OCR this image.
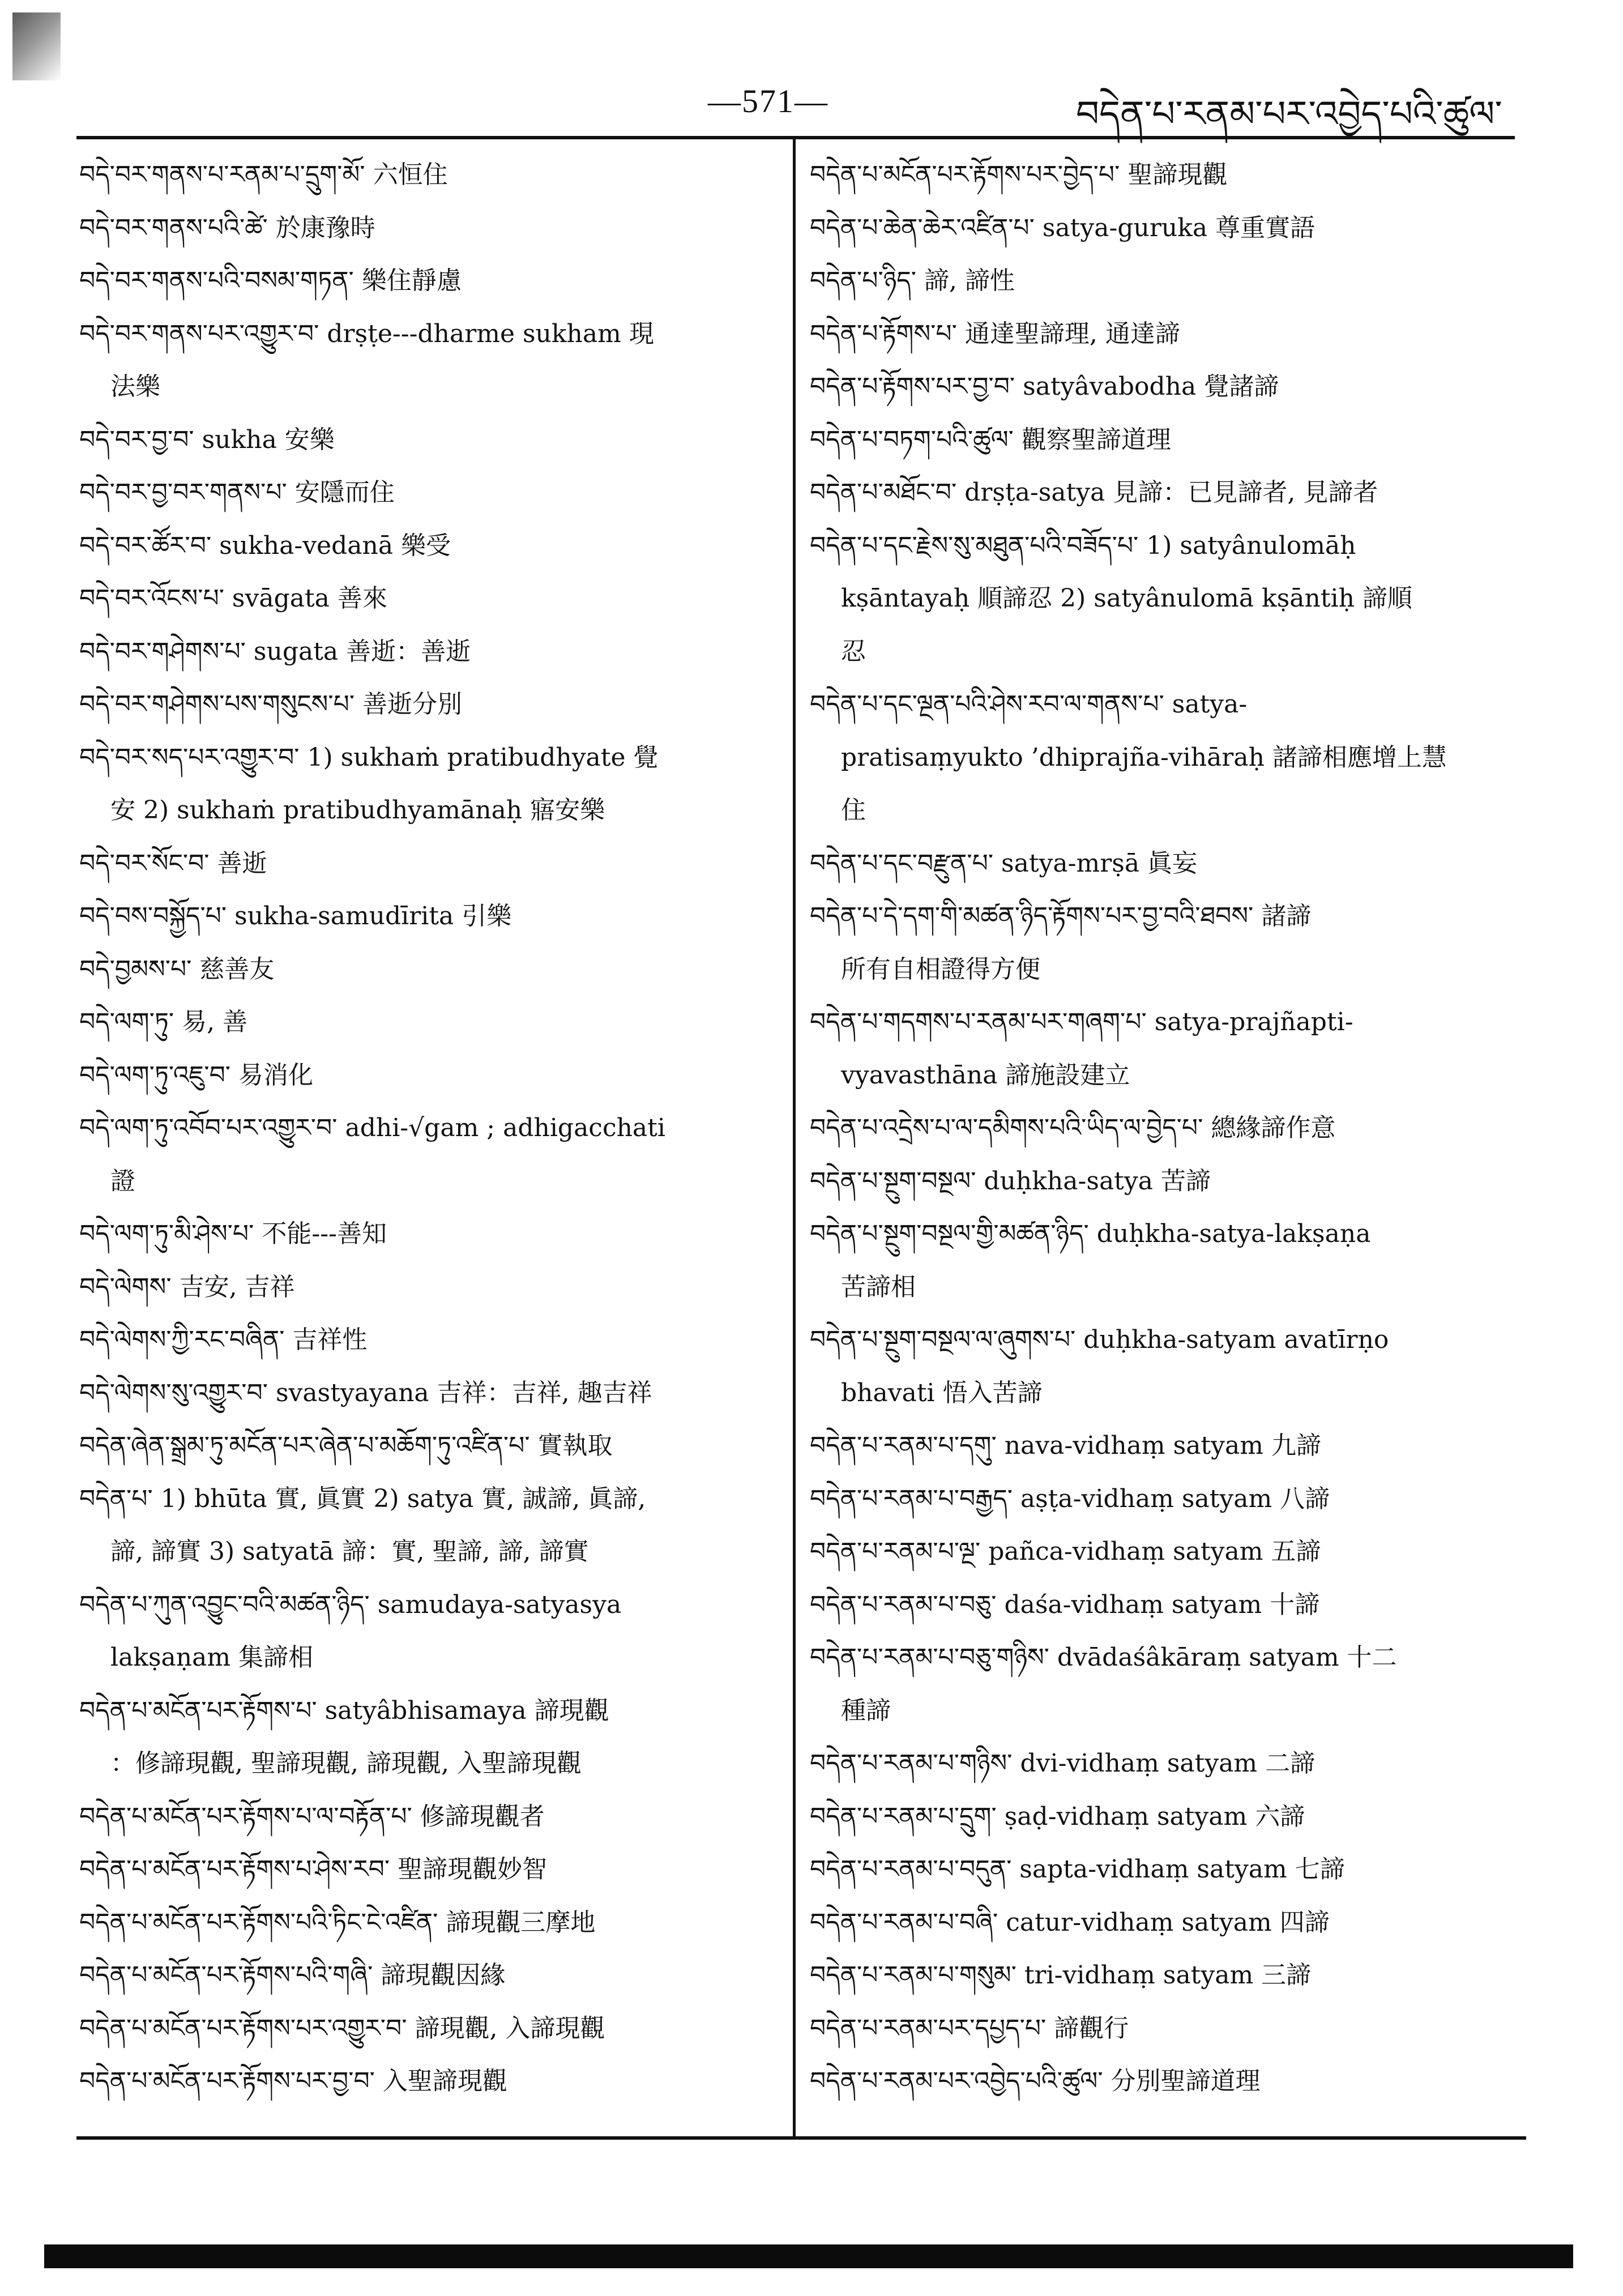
—571—	བདེན་པ་རནམ་པར་འབྱེད་པའི་ཚུལ་
བདེ་བར་གནས་པ་རནམ་པ་དྲུག་མོ་ 六恒住
བདེ་བར་གནས་པའི་ཚེ་ 於康豫時
བདེ་བར་གནས་པའི་བསམ་གཏན་ 樂住靜慮
བདེ་བར་གནས་པར་འགྱུར་བ་ drṣṭe---dharme sukham 現
法樂
བདེ་བར་བྱ་བ་ sukha 安樂
བདེ་བར་བྱ་བར་གནས་པ་ 安隱而住
བདེ་བར་ཚོར་བ་ sukha-vedanā 樂受
བདེ་བར་འོངས་པ་ svāgata 善來
བདེ་བར་གཤེགས་པ་ sugata 善逝：善逝
བདེ་བར་གཤེགས་པས་གསུངས་པ་ 善逝分別
བདེ་བར་སད་པར་འགྱུར་བ་ 1) sukhaṁ pratibudhyate 覺
安 2) sukhaṁ pratibudhyamānaḥ 寤安樂
བདེ་བར་སོང་བ་ 善逝
བདེ་བས་བསྐྱོད་པ་ sukha-samudīrita 引樂
བདེ་བྱམས་པ་ 慈善友
བདེ་ལག་ཏུ་ 易, 善
བདེ་ལག་ཏུ་འཇུ་བ་ 易消化
བདེ་ལག་ཏུ་འབོབ་པར་འགྱུར་བ་ adhi-√gam ; adhigacchati
證
བདེ་ལག་ཏུ་མི་ཤེས་པ་ 不能---善知
བདེ་ལེགས་ 吉安, 吉祥
བདེ་ལེགས་ཀྱི་རང་བཞིན་ 吉祥性
བདེ་ལེགས་སུ་འགྱུར་བ་ svastyayana 吉祥：吉祥, 趣吉祥
བདེན་ཞེན་སྒྲམ་ཏུ་མངོན་པར་ཞེན་པ་མཆོག་ཏུ་འཛིན་པ་ 實執取
བདེན་པ་ 1) bhūta 實, 眞實 2) satya 實, 誠諦, 眞諦,
諦, 諦實 3) satyatā 諦：實, 聖諦, 諦, 諦實
བདེན་པ་ཀུན་འབྱུང་བའི་མཚན་ཉིད་ samudaya-satyasya
lakṣaṇam 集諦相
བདེན་པ་མངོན་པར་རྟོགས་པ་ satyâbhisamaya 諦現觀
：修諦現觀, 聖諦現觀, 諦現觀, 入聖諦現觀
བདེན་པ་མངོན་པར་རྟོགས་པ་ལ་བརྟོན་པ་ 修諦現觀者
བདེན་པ་མངོན་པར་རྟོགས་པ་ཤེས་རབ་ 聖諦現觀妙智
བདེན་པ་མངོན་པར་རྟོགས་པའི་ཏིང་ངེ་འཛིན་ 諦現觀三摩地
བདེན་པ་མངོན་པར་རྟོགས་པའི་གཞི་ 諦現觀因緣
བདེན་པ་མངོན་པར་རྟོགས་པར་འགྱུར་བ་ 諦現觀, 入諦現觀
བདེན་པ་མངོན་པར་རྟོགས་པར་བྱ་བ་ 入聖諦現觀
བདེན་པ་མངོན་པར་རྟོགས་པར་བྱེད་པ་ 聖諦現觀
བདེན་པ་ཆེན་ཆེར་འཛིན་པ་ satya-guruka 尊重實語
བདེན་པ་ཉིད་ 諦, 諦性
བདེན་པ་རྟོགས་པ་ 通達聖諦理, 通達諦
བདེན་པ་རྟོགས་པར་བྱ་བ་ satyâvabodha 覺諸諦
བདེན་པ་བཏག་པའི་ཚུལ་ 觀察聖諦道理
བདེན་པ་མཐོང་བ་ drṣṭa-satya 見諦：已見諦者, 見諦者
བདེན་པ་དང་རྗེས་སུ་མཐུན་པའི་བཟོད་པ་ 1) satyânulomāḥ
kṣāntayaḥ 順諦忍 2) satyânulomā kṣāntiḥ 諦順
忍
བདེན་པ་དང་ལྔན་པའི་ཤེས་རབ་ལ་གནས་པ་ satya-
pratisaṃyukto ’dhiprajña-vihāraḥ 諸諦相應增上慧
住
བདེན་པ་དང་བརྫུན་པ་ satya-mrṣā 眞妄
བདེན་པ་དེ་དག་གི་མཚན་ཉིད་རྟོགས་པར་བྱ་བའི་ཐབས་ 諸諦
所有自相證得方便
བདེན་པ་གདགས་པ་རནམ་པར་གཞག་པ་ satya-prajñapti-
vyavasthāna 諦施設建立
བདེན་པ་འདྲེས་པ་ལ་དམིགས་པའི་ཡིད་ལ་བྱེད་པ་ 總緣諦作意
བདེན་པ་སྔུག་བསྔལ་ duḥkha-satya 苦諦
བདེན་པ་སྔུག་བསྔལ་གྱི་མཚན་ཉིད་ duḥkha-satya-lakṣaṇa
苦諦相
བདེན་པ་སྔུག་བསྔལ་ལ་ཞུགས་པ་ duḥkha-satyam avatīrṇo
bhavati 悟入苦諦
བདེན་པ་རནམ་པ་དགུ་ nava-vidhaṃ satyam 九諦
བདེན་པ་རནམ་པ་བརྒྱད་ aṣṭa-vidhaṃ satyam 八諦
བདེན་པ་རནམ་པ་ལྔ་ pañca-vidhaṃ satyam 五諦
བདེན་པ་རནམ་པ་བཅུ་ daśa-vidhaṃ satyam 十諦
བདེན་པ་རནམ་པ་བཅུ་གཉིས་ dvādaśâkāraṃ satyam 十二
種諦
བདེན་པ་རནམ་པ་གཉིས་ dvi-vidhaṃ satyam 二諦
བདེན་པ་རནམ་པ་དྲུག་ ṣaḍ-vidhaṃ satyam 六諦
བདེན་པ་རནམ་པ་བདུན་ sapta-vidhaṃ satyam 七諦
བདེན་པ་རནམ་པ་བཞི་ catur-vidhaṃ satyam 四諦
བདེན་པ་རནམ་པ་གསུམ་ tri-vidhaṃ satyam 三諦
བདེན་པ་རནམ་པར་དཔྱད་པ་ 諦觀行
བདེན་པ་རནམ་པར་འབྱེད་པའི་ཚུལ་ 分別聖諦道理
